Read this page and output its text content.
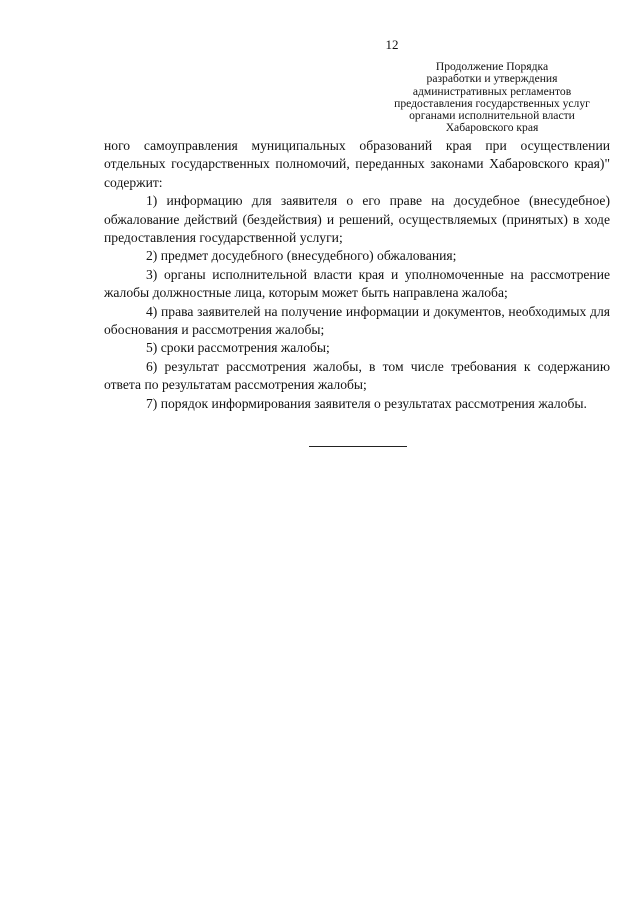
12
Продолжение Порядка
разработки и утверждения
административных регламентов
предоставления государственных услуг
органами исполнительной власти
Хабаровского края

ного самоуправления муниципальных образований края при осуществлении отдельных государственных полномочий, переданных законами Хабаровского края)" содержит:

1) информацию для заявителя о его праве на досудебное (внесудебное) обжалование действий (бездействия) и решений, осуществляемых (принятых) в ходе предоставления государственной услуги;

2) предмет досудебного (внесудебного) обжалования;

3) органы исполнительной власти края и уполномоченные на рассмотрение жалобы должностные лица, которым может быть направлена жалоба;

4) права заявителей на получение информации и документов, необходимых для обоснования и рассмотрения жалобы;

5) сроки рассмотрения жалобы;

6) результат рассмотрения жалобы, в том числе требования к содержанию ответа по результатам рассмотрения жалобы;

7) порядок информирования заявителя о результатах рассмотрения жалобы.
